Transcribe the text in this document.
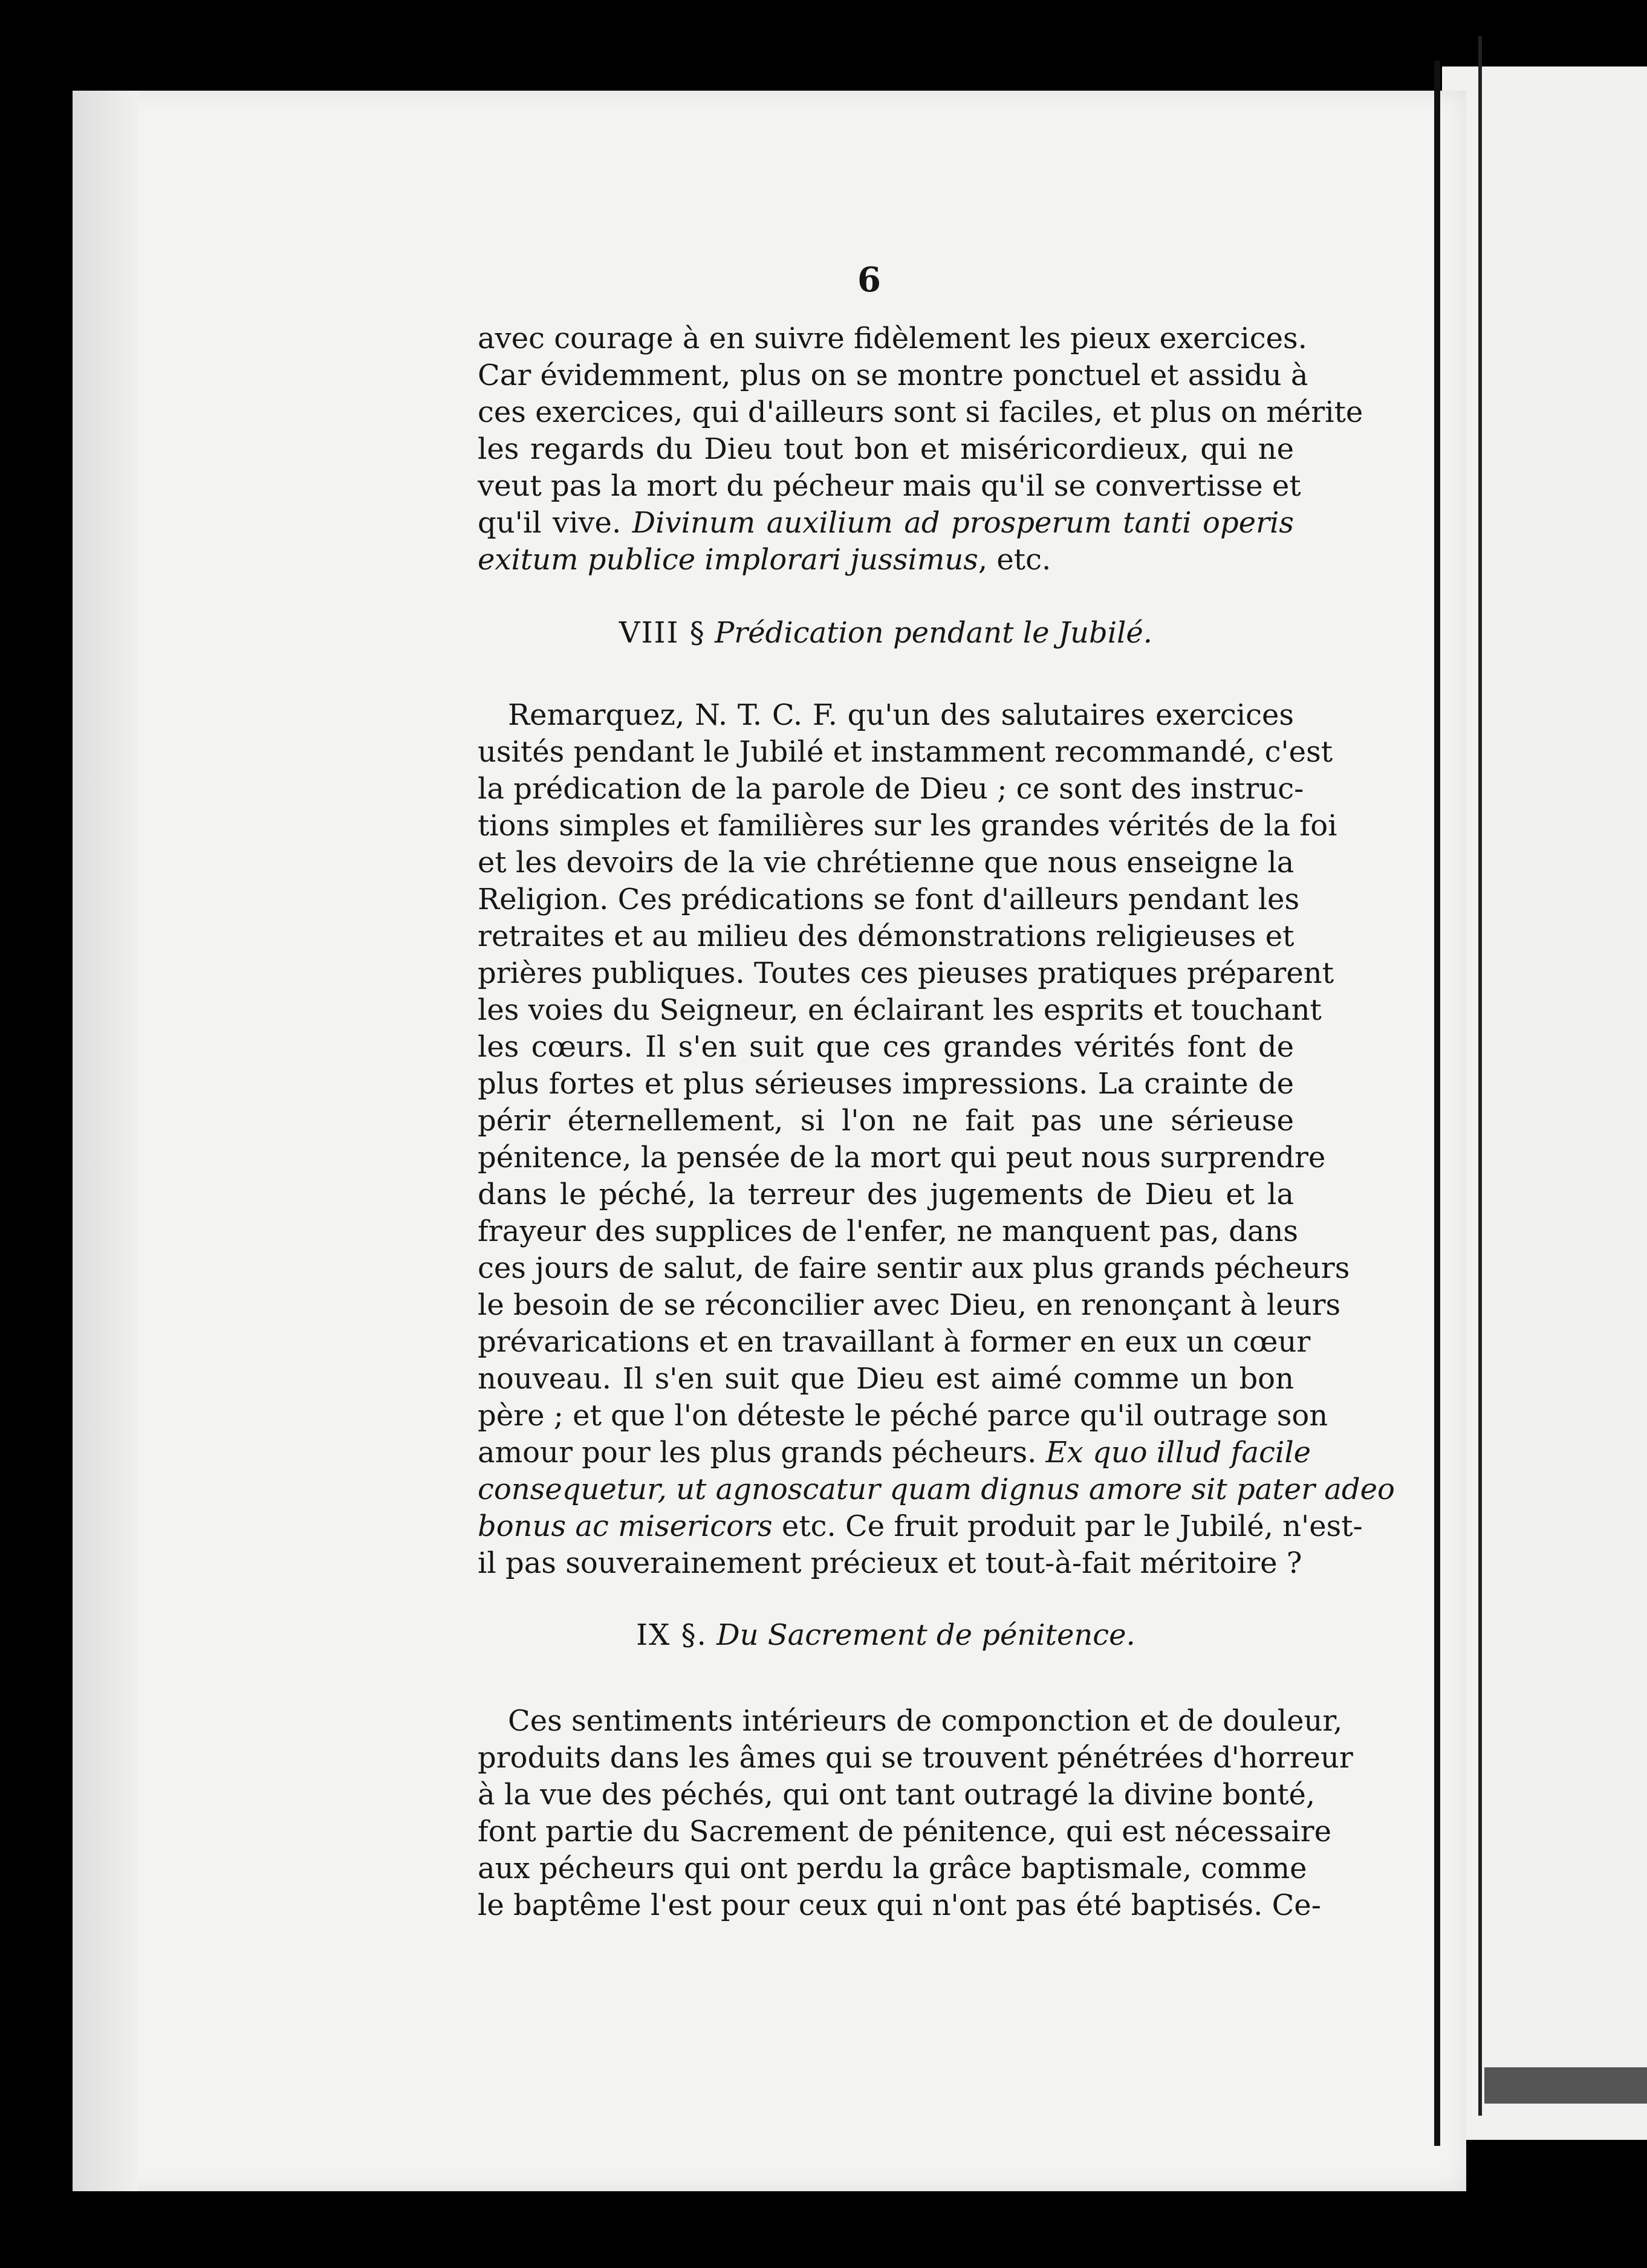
6

avec courage à en suivre fidèlement les pieux exercices.
Car évidemment, plus on se montre ponctuel et assidu à
ces exercices, qui d'ailleurs sont si faciles, et plus on mérite
les regards du Dieu tout bon et miséricordieux, qui ne
veut pas la mort du pécheur mais qu'il se convertisse et
qu'il vive. Divinum auxilium ad prosperum tanti operis
exitum publice implorari jussimus, etc.

VIII § Prédication pendant le Jubilé.

Remarquez, N. T. C. F. qu'un des salutaires exercices
usités pendant le Jubilé et instamment recommandé, c'est
la prédication de la parole de Dieu ; ce sont des instruc-
tions simples et familières sur les grandes vérités de la foi
et les devoirs de la vie chrétienne que nous enseigne la
Religion. Ces prédications se font d'ailleurs pendant les
retraites et au milieu des démonstrations religieuses et
prières publiques. Toutes ces pieuses pratiques préparent
les voies du Seigneur, en éclairant les esprits et touchant
les cœurs. Il s'en suit que ces grandes vérités font de
plus fortes et plus sérieuses impressions. La crainte de
périr éternellement, si l'on ne fait pas une sérieuse
pénitence, la pensée de la mort qui peut nous surprendre
dans le péché, la terreur des jugements de Dieu et la
frayeur des supplices de l'enfer, ne manquent pas, dans
ces jours de salut, de faire sentir aux plus grands pécheurs
le besoin de se réconcilier avec Dieu, en renonçant à leurs
prévarications et en travaillant à former en eux un cœur
nouveau. Il s'en suit que Dieu est aimé comme un bon
père ; et que l'on déteste le péché parce qu'il outrage son
amour pour les plus grands pécheurs. Ex quo illud facile
consequetur, ut agnoscatur quam dignus amore sit pater adeo
bonus ac misericors etc. Ce fruit produit par le Jubilé, n'est-
il pas souverainement précieux et tout-à-fait méritoire ?

IX §. Du Sacrement de pénitence.

Ces sentiments intérieurs de componction et de douleur,
produits dans les âmes qui se trouvent pénétrées d'horreur
à la vue des péchés, qui ont tant outragé la divine bonté,
font partie du Sacrement de pénitence, qui est nécessaire
aux pécheurs qui ont perdu la grâce baptismale, comme
le baptême l'est pour ceux qui n'ont pas été baptisés. Ce-
